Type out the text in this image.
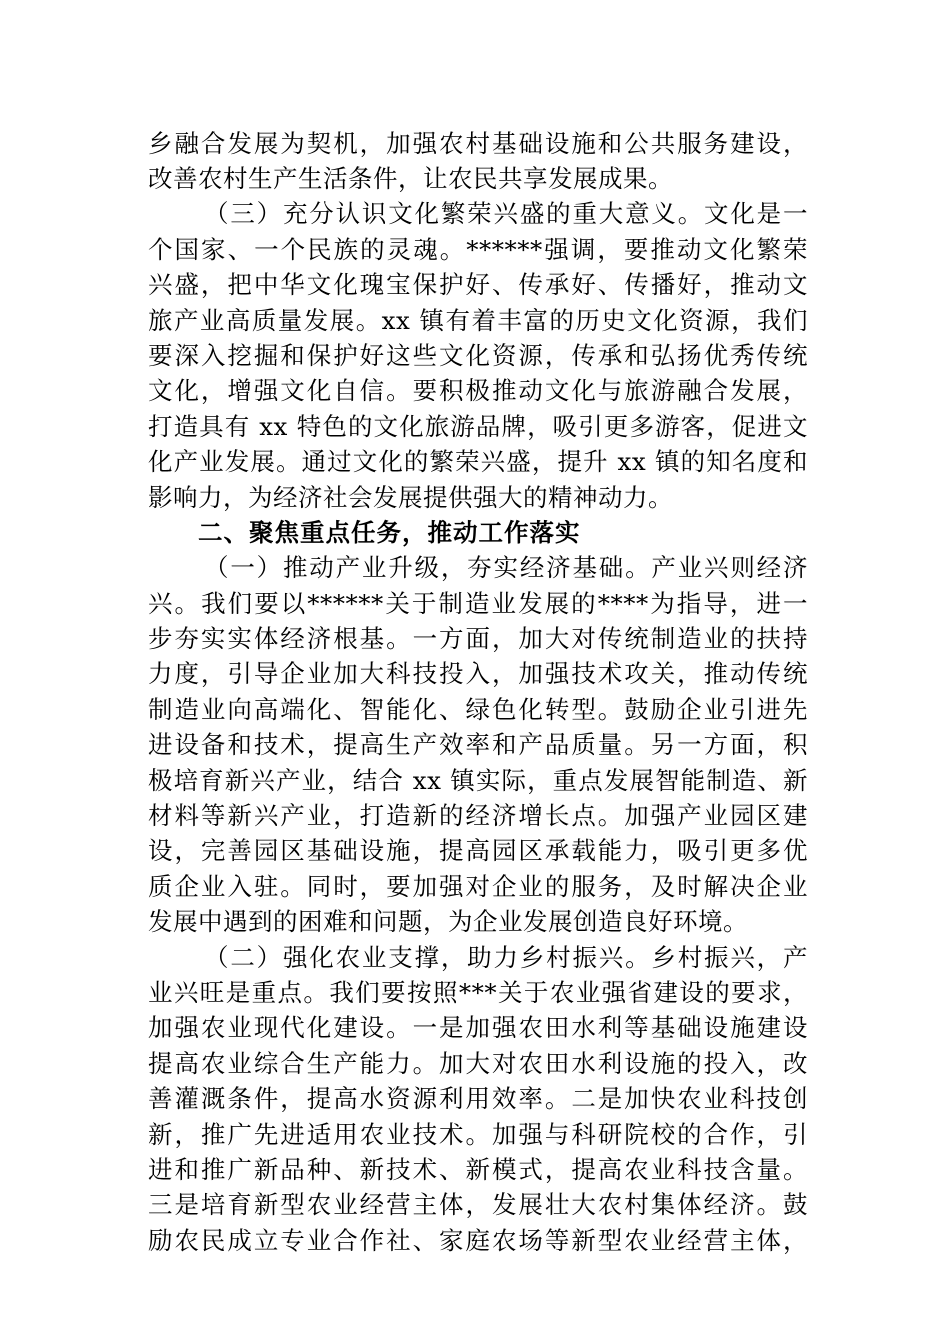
乡融合发展为契机，加强农村基础设施和公共服务建设，
改善农村生产生活条件，让农民共享发展成果。
（三）充分认识文化繁荣兴盛的重大意义。文化是一
个国家、一个民族的灵魂。******强调，要推动文化繁荣
兴盛，把中华文化瑰宝保护好、传承好、传播好，推动文
旅产业高质量发展。xx 镇有着丰富的历史文化资源，我们
要深入挖掘和保护好这些文化资源，传承和弘扬优秀传统
文化，增强文化自信。要积极推动文化与旅游融合发展，
打造具有 xx 特色的文化旅游品牌，吸引更多游客，促进文
化产业发展。通过文化的繁荣兴盛，提升 xx 镇的知名度和
影响力，为经济社会发展提供强大的精神动力。
二、聚焦重点任务，推动工作落实
（一）推动产业升级，夯实经济基础。产业兴则经济
兴。我们要以******关于制造业发展的****为指导，进一
步夯实实体经济根基。一方面，加大对传统制造业的扶持
力度，引导企业加大科技投入，加强技术攻关，推动传统
制造业向高端化、智能化、绿色化转型。鼓励企业引进先
进设备和技术，提高生产效率和产品质量。另一方面，积
极培育新兴产业，结合 xx 镇实际，重点发展智能制造、新
材料等新兴产业，打造新的经济增长点。加强产业园区建
设，完善园区基础设施，提高园区承载能力，吸引更多优
质企业入驻。同时，要加强对企业的服务，及时解决企业
发展中遇到的困难和问题，为企业发展创造良好环境。
（二）强化农业支撑，助力乡村振兴。乡村振兴，产
业兴旺是重点。我们要按照***关于农业强省建设的要求，
加强农业现代化建设。一是加强农田水利等基础设施建设
提高农业综合生产能力。加大对农田水利设施的投入，改
善灌溉条件，提高水资源利用效率。二是加快农业科技创
新，推广先进适用农业技术。加强与科研院校的合作，引
进和推广新品种、新技术、新模式，提高农业科技含量。
三是培育新型农业经营主体，发展壮大农村集体经济。鼓
励农民成立专业合作社、家庭农场等新型农业经营主体，
